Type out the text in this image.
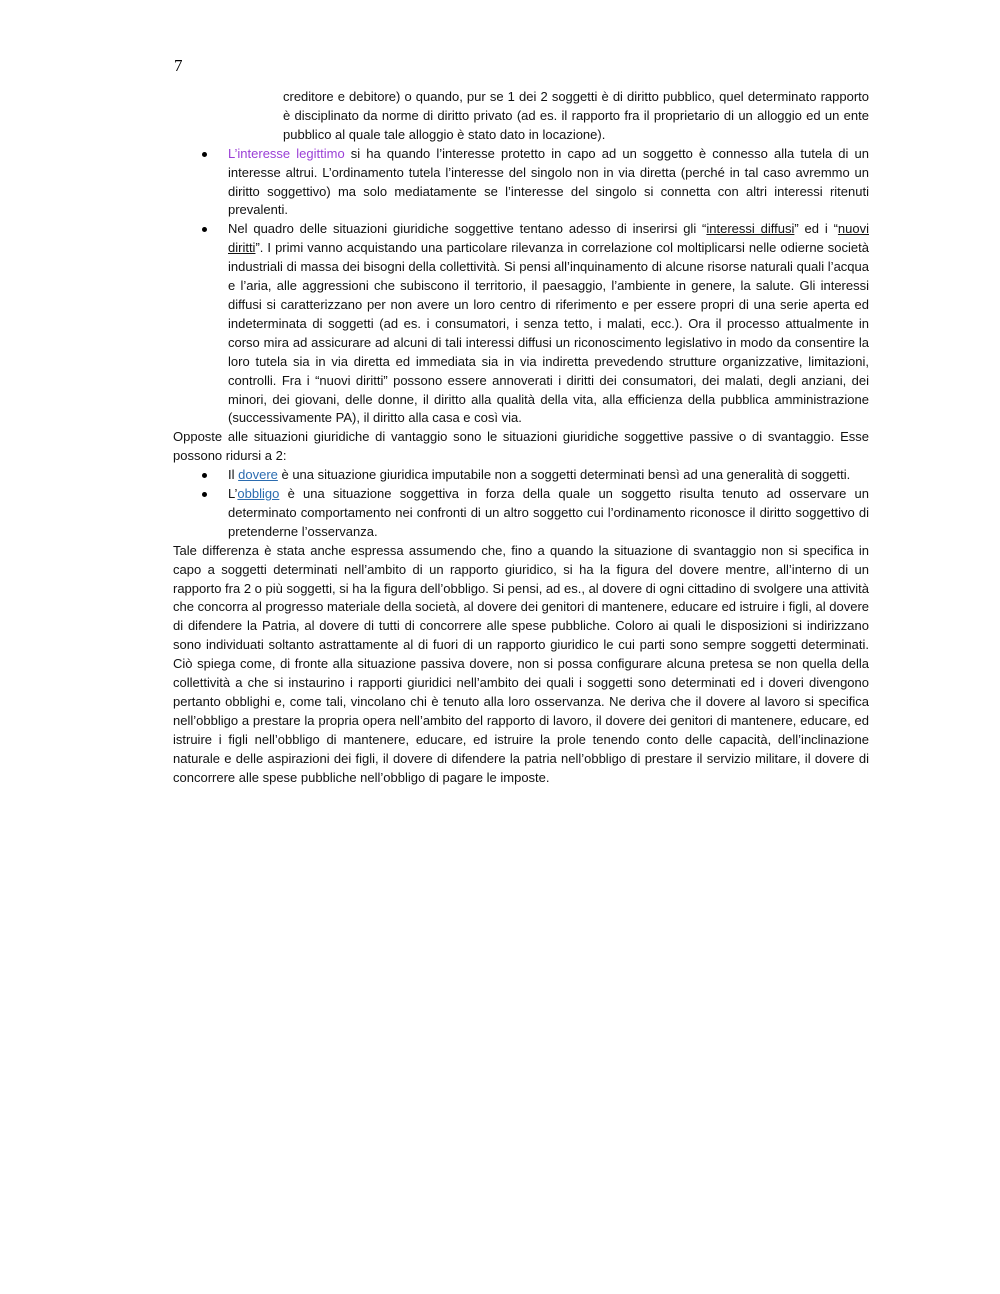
7

creditore e debitore) o quando, pur se 1 dei 2 soggetti è di diritto pubblico, quel determinato rapporto è disciplinato da norme di diritto privato (ad es. il rapporto fra il proprietario di un alloggio ed un ente pubblico al quale tale alloggio è stato dato in locazione).

L’interesse legittimo si ha quando l’interesse protetto in capo ad un soggetto è connesso alla tutela di un interesse altrui. L’ordinamento tutela l’interesse del singolo non in via diretta (perché in tal caso avremmo un diritto soggettivo) ma solo mediatamente se l’interesse del singolo si connetta con altri interessi ritenuti prevalenti.
Nel quadro delle situazioni giuridiche soggettive tentano adesso di inserirsi gli “interessi diffusi” ed i “nuovi diritti”. I primi vanno acquistando una particolare rilevanza in correlazione col moltiplicarsi nelle odierne società industriali di massa dei bisogni della collettività. Si pensi all’inquinamento di alcune risorse naturali quali l’acqua e l’aria, alle aggressioni che subiscono il territorio, il paesaggio, l’ambiente in genere, la salute. Gli interessi diffusi si caratterizzano per non avere un loro centro di riferimento e per essere propri di una serie aperta ed indeterminata di soggetti (ad es. i consumatori, i senza tetto, i malati, ecc.). Ora il processo attualmente in corso mira ad assicurare ad alcuni di tali interessi diffusi un riconoscimento legislativo in modo da consentire la loro tutela sia in via diretta ed immediata sia in via indiretta prevedendo strutture organizzative, limitazioni, controlli. Fra i “nuovi diritti” possono essere annoverati i diritti dei consumatori, dei malati, degli anziani, dei minori, dei giovani, delle donne, il diritto alla qualità della vita, alla efficienza della pubblica amministrazione (successivamente PA), il diritto alla casa e così via.

Opposte alle situazioni giuridiche di vantaggio sono le situazioni giuridiche soggettive passive o di svantaggio. Esse possono ridursi a 2:

Il dovere è una situazione giuridica imputabile non a soggetti determinati bensì ad una generalità di soggetti.
L’obbligo è una situazione soggettiva in forza della quale un soggetto risulta tenuto ad osservare un determinato comportamento nei confronti di un altro soggetto cui l’ordinamento riconosce il diritto soggettivo di pretenderne l’osservanza.

Tale differenza è stata anche espressa assumendo che, fino a quando la situazione di svantaggio non si specifica in capo a soggetti determinati nell’ambito di un rapporto giuridico, si ha la figura del dovere mentre, all’interno di un rapporto fra 2 o più soggetti, si ha la figura dell’obbligo. Si pensi, ad es., al dovere di ogni cittadino di svolgere una attività che concorra al progresso materiale della società, al dovere dei genitori di mantenere, educare ed istruire i figli, al dovere di difendere la Patria, al dovere di tutti di concorrere alle spese pubbliche. Coloro ai quali le disposizioni si indirizzano sono individuati soltanto astrattamente al di fuori di un rapporto giuridico le cui parti sono sempre soggetti determinati. Ciò spiega come, di fronte alla situazione passiva dovere, non si possa configurare alcuna pretesa se non quella della collettività a che si instaurino i rapporti giuridici nell’ambito dei quali i soggetti sono determinati ed i doveri divengono pertanto obblighi e, come tali, vincolano chi è tenuto alla loro osservanza. Ne deriva che il dovere al lavoro si specifica nell’obbligo a prestare la propria opera nell’ambito del rapporto di lavoro, il dovere dei genitori di mantenere, educare, ed istruire i figli nell’obbligo di mantenere, educare, ed istruire la prole tenendo conto delle capacità, dell’inclinazione naturale e delle aspirazioni dei figli, il dovere di difendere la patria nell’obbligo di prestare il servizio militare, il dovere di concorrere alle spese pubbliche nell’obbligo di pagare le imposte.
